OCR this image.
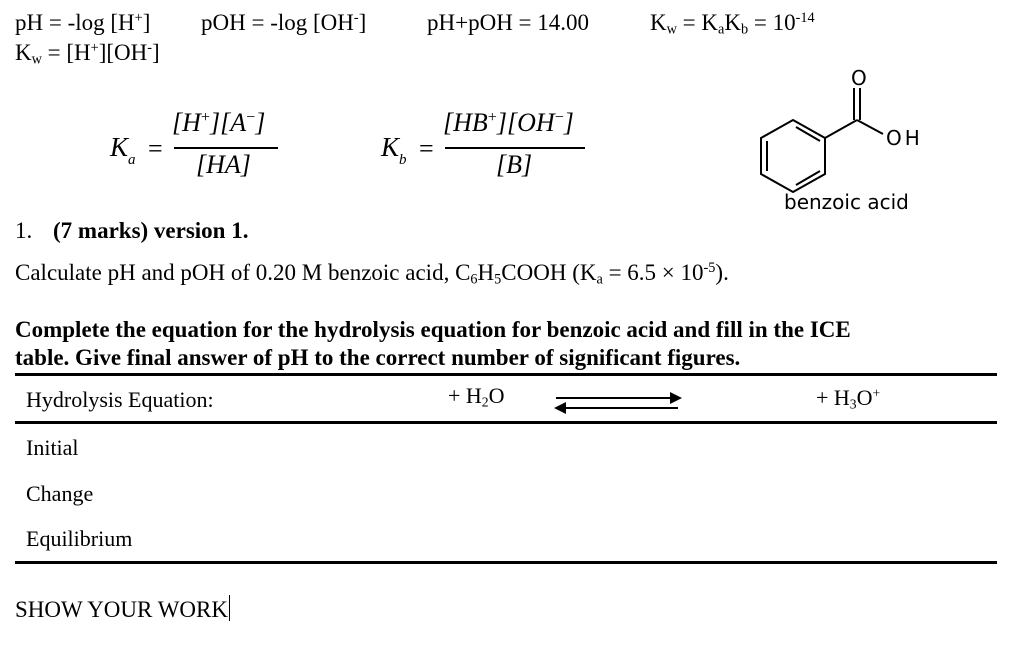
pH = -log [H+] pOH = -log [OH-]	pH+pOH = 14.00	$K_w = K_aK_b = 10^{-14}$
$K_w = [H^+][OH^-]$
$K_a$ =
[H+][A−]
[HA]
$K_b$ =
[HB+][OH−]
[B]
O
OH
benzoic acid
1. (7 marks) version 1.
Calculate pH and pOH of 0.20 M benzoic acid, $C_6H_5COOH$ $(K_a = 6.5 \times 10^{-5})$.
Complete the equation for the hydrolysis equation for benzoic acid and fill in the ICE
table. Give final answer of pH to the correct number of significant figures.
Hydrolysis Equation:	+ $H_2O$	+ $H_3O^+$
Initial
Change
Equilibrium
SHOW YOUR WORK
